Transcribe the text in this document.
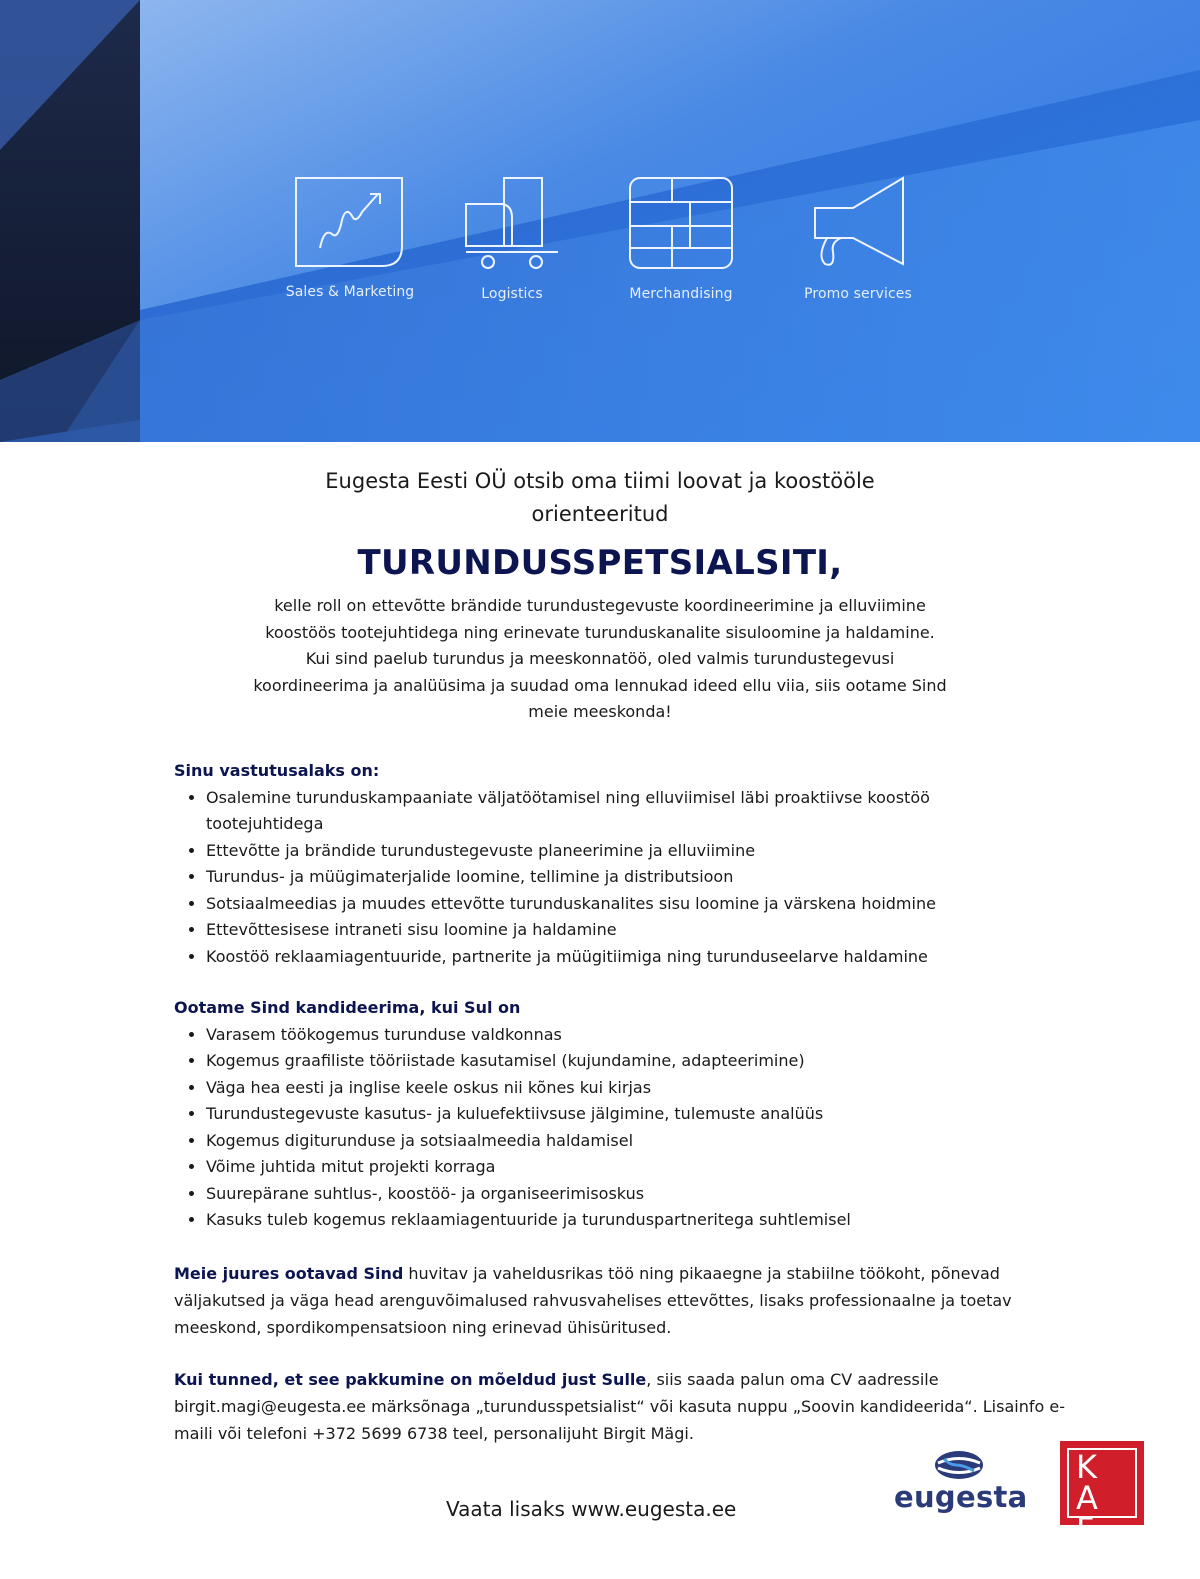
Sales & Marketing	Logistics	Merchandising	Promo services
Eugesta Eesti OÜ otsib oma tiimi loovat ja koostööle
orienteeritud
TURUNDUSSPETSIALSITI,
kelle roll on ettevõtte brändide turundustegevuste koordineerimine ja elluviimine
koostöös tootejuhtidega ning erinevate turunduskanalite sisuloomine ja haldamine.
Kui sind paelub turundus ja meeskonnatöö, oled valmis turundustegevusi
koordineerima ja analüüsima ja suudad oma lennukad ideed ellu viia, siis ootame Sind
meie meeskonda!
Sinu vastutusalaks on:
• Osalemine turunduskampaaniate väljatöötamisel ning elluviimisel läbi proaktiivse koostöö tootejuhtidega
• Ettevõtte ja brändide turundustegevuste planeerimine ja elluviimine
• Turundus- ja müügimaterjalide loomine, tellimine ja distributsioon
• Sotsiaalmeedias ja muudes ettevõtte turunduskanalites sisu loomine ja värskena hoidmine
• Ettevõttesisese intraneti sisu loomine ja haldamine
• Koostöö reklaamiagentuuride, partnerite ja müügitiimiga ning turunduseelarve haldamine
Ootame Sind kandideerima, kui Sul on
• Varasem töökogemus turunduse valdkonnas
• Kogemus graafiliste tööriistade kasutamisel (kujundamine, adapteerimine)
• Väga hea eesti ja inglise keele oskus nii kõnes kui kirjas
• Turundustegevuste kasutus- ja kuluefektiivsuse jälgimine, tulemuste analüüs
• Kogemus digiturunduse ja sotsiaalmeedia haldamisel
• Võime juhtida mitut projekti korraga
• Suurepärane suhtlus-, koostöö- ja organiseerimisoskus
• Kasuks tuleb kogemus reklaamiagentuuride ja turunduspartneritega suhtlemisel
Meie juures ootavad Sind huvitav ja vaheldusrikas töö ning pikaaegne ja stabiilne töökoht, põnevad väljakutsed ja väga head arenguvõimalused rahvusvahelises ettevõttes, lisaks professionaalne ja toetav meeskond, spordikompensatsioon ning erinevad ühisüritused.
Kui tunned, et see pakkumine on mõeldud just Sulle, siis saada palun oma CV aadressile birgit.magi@eugesta.ee märksõnaga „turundusspetsialist“ või kasuta nuppu „Soovin kandideerida“. Lisainfo e-maili või telefoni +372 5699 6738 teel, personalijuht Birgit Mägi.
Vaata lisaks www.eugesta.ee	eugesta
KAFO
